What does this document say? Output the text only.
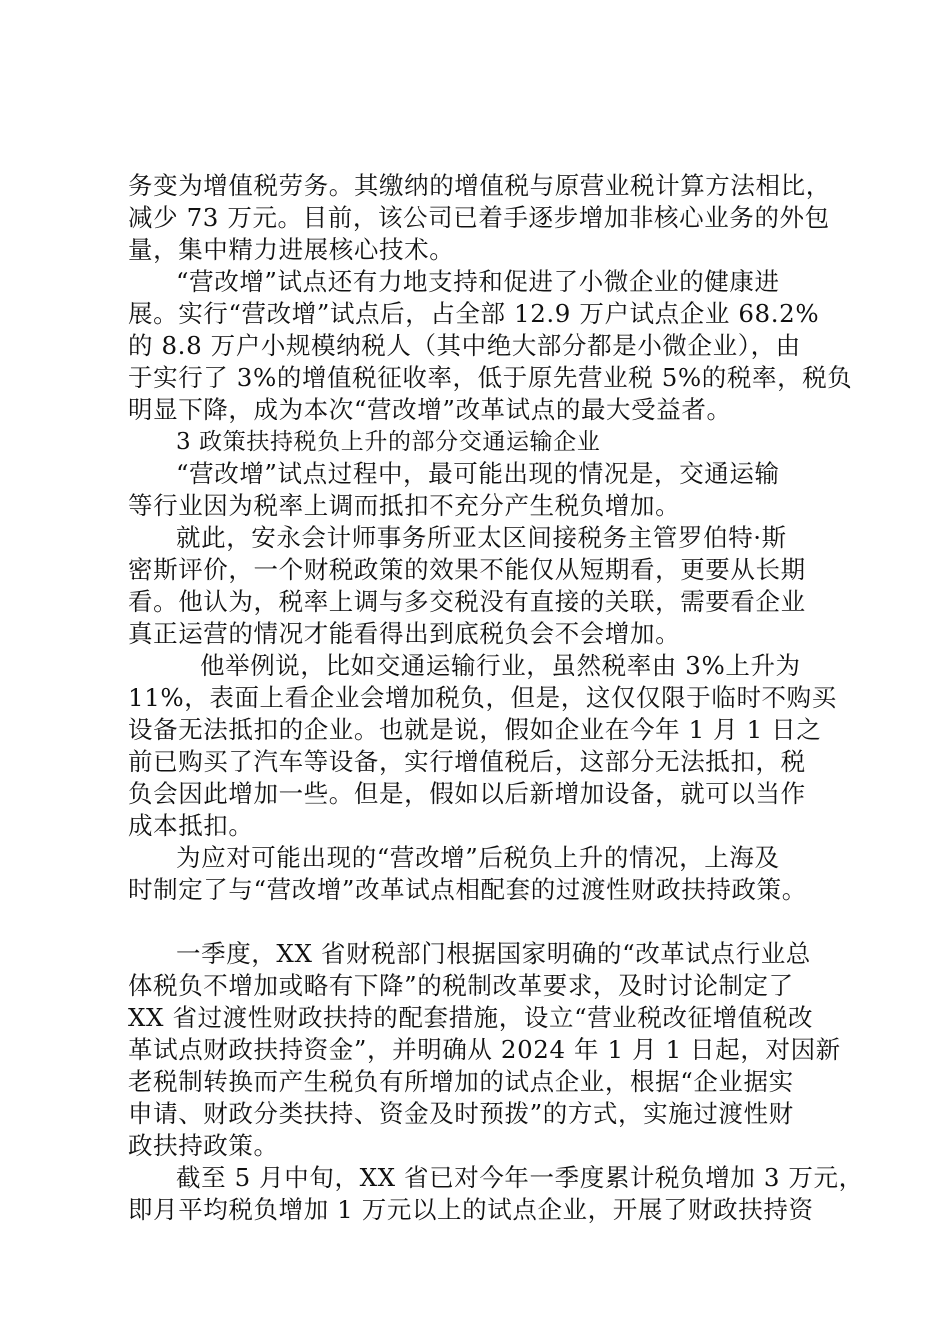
务变为增值税劳务。其缴纳的增值税与原营业税计算方法相比，
减少 73 万元。目前，该公司已着手逐步增加非核心业务的外包
量，集中精力进展核心技术。
“营改增”试点还有力地支持和促进了小微企业的健康进
展。实行“营改增”试点后，占全部 12.9 万户试点企业 68.2%
的 8.8 万户小规模纳税人（其中绝大部分都是小微企业），由
于实行了 3%的增值税征收率，低于原先营业税 5%的税率，税负
明显下降，成为本次“营改增”改革试点的最大受益者。
3 政策扶持税负上升的部分交通运输企业
“营改增”试点过程中，最可能出现的情况是，交通运输
等行业因为税率上调而抵扣不充分产生税负增加。
就此，安永会计师事务所亚太区间接税务主管罗伯特·斯
密斯评价，一个财税政策的效果不能仅从短期看，更要从长期
看。他认为，税率上调与多交税没有直接的关联，需要看企业
真正运营的情况才能看得出到底税负会不会增加。
他举例说，比如交通运输行业，虽然税率由 3%上升为
11%，表面上看企业会增加税负，但是，这仅仅限于临时不购买
设备无法抵扣的企业。也就是说，假如企业在今年 1 月 1 日之
前已购买了汽车等设备，实行增值税后，这部分无法抵扣，税
负会因此增加一些。但是，假如以后新增加设备，就可以当作
成本抵扣。
为应对可能出现的“营改增”后税负上升的情况，上海及
时制定了与“营改增”改革试点相配套的过渡性财政扶持政策。
一季度，XX 省财税部门根据国家明确的“改革试点行业总
体税负不增加或略有下降”的税制改革要求，及时讨论制定了
XX 省过渡性财政扶持的配套措施，设立“营业税改征增值税改
革试点财政扶持资金”，并明确从 2024 年 1 月 1 日起，对因新
老税制转换而产生税负有所增加的试点企业，根据“企业据实
申请、财政分类扶持、资金及时预拨”的方式，实施过渡性财
政扶持政策。
截至 5 月中旬，XX 省已对今年一季度累计税负增加 3 万元，
即月平均税负增加 1 万元以上的试点企业，开展了财政扶持资
